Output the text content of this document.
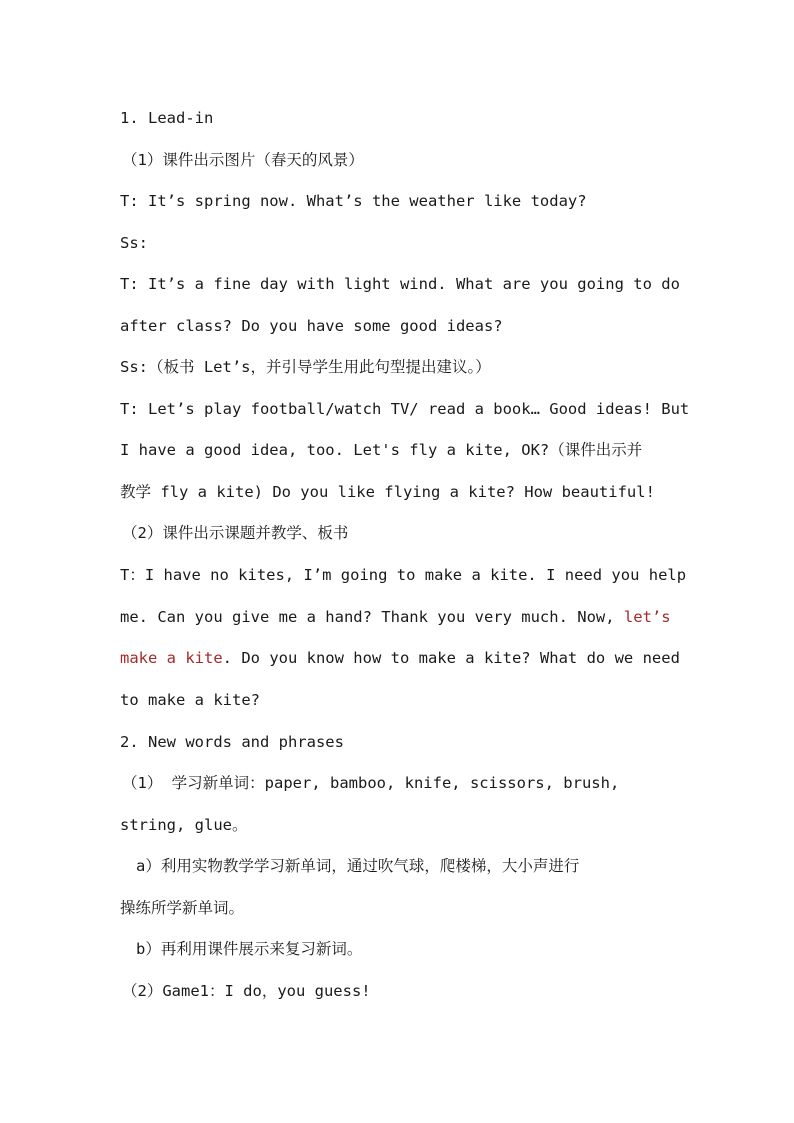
1. Lead-in
（1）课件出示图片（春天的风景）
T: It’s spring now. What’s the weather like today?
Ss:
T: It’s a fine day with light wind. What are you going to do
after class? Do you have some good ideas?
Ss:（板书 Let’s，并引导学生用此句型提出建议。）
T: Let’s play football/watch TV/ read a book… Good ideas! But
I have a good idea, too. Let's fly a kite, OK?（课件出示并
教学 fly a kite) Do you like flying a kite? How beautiful!
（2）课件出示课题并教学、板书
T：I have no kites, I’m going to make a kite. I need you help
me. Can you give me a hand? Thank you very much. Now, let’s
make a kite. Do you know how to make a kite? What do we need
to make a kite?
2. New words and phrases
（1） 学习新单词：paper, bamboo, knife, scissors, brush,
string, glue。
a）利用实物教学学习新单词，通过吹气球，爬楼梯，大小声进行
操练所学新单词。
b）再利用课件展示来复习新词。
（2）Game1：I do，you guess!
